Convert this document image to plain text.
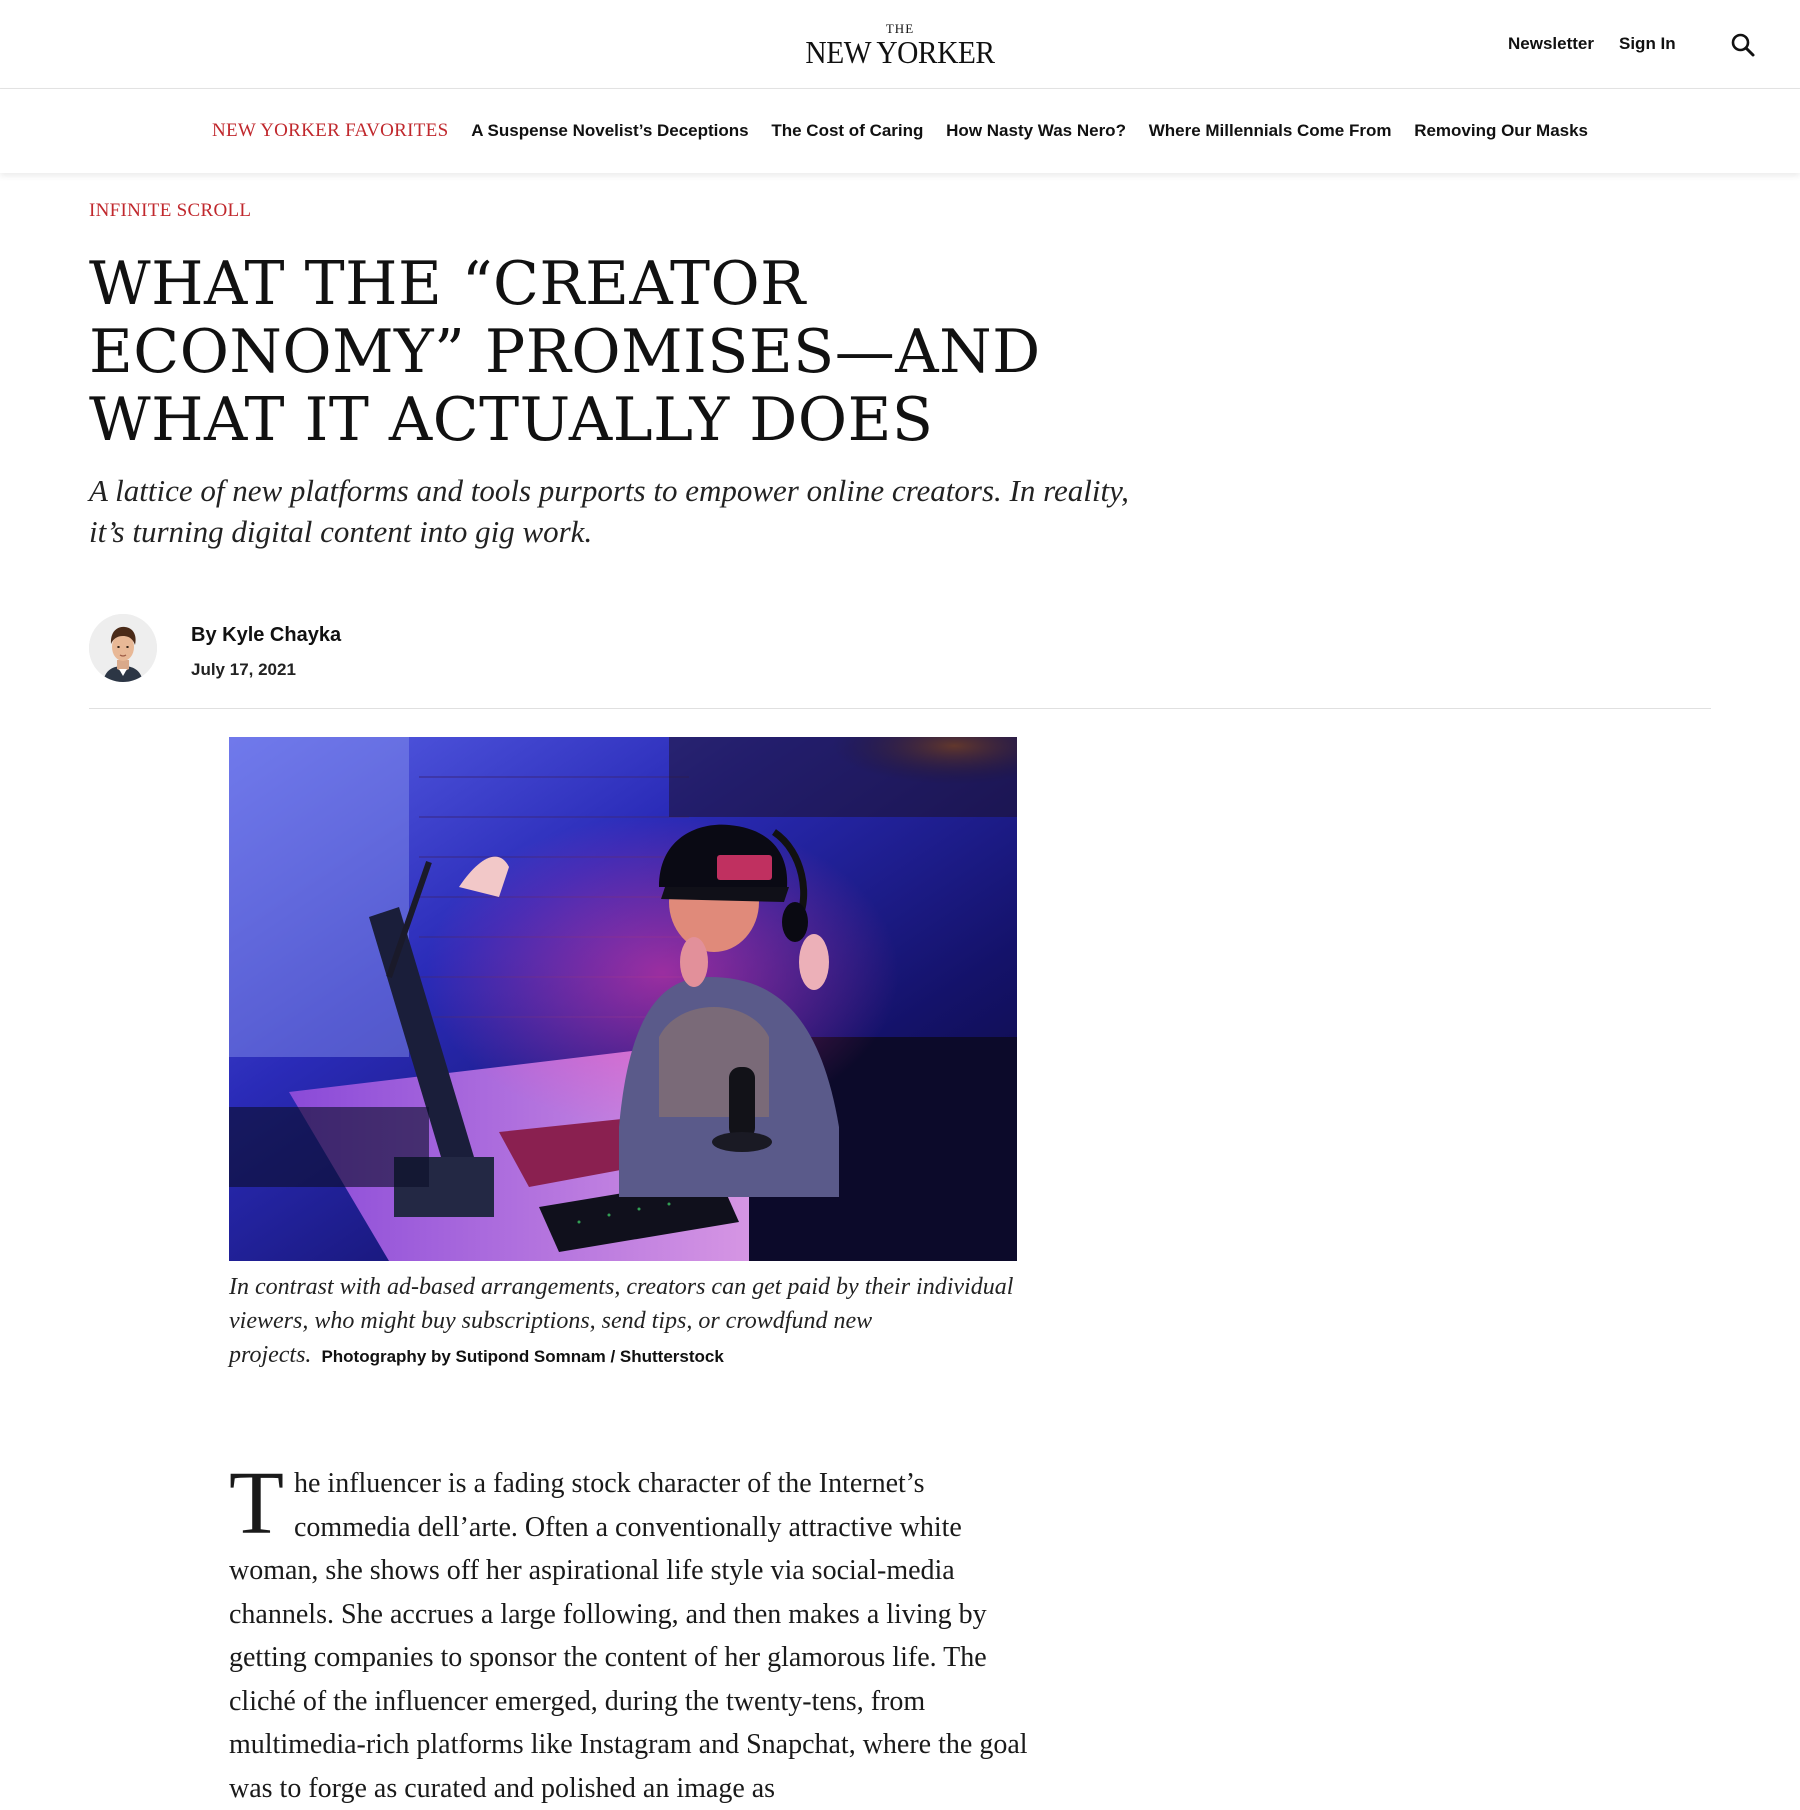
THE
NEW YORKER	Newsletter Sign In
NEW YORKER FAVORITES A Suspense Novelist’s Deceptions The Cost of Caring How Nasty Was Nero? Where Millennials Come From Removing Our Masks
INFINITE SCROLL
WHAT THE “CREATOR ECONOMY” PROMISES—AND WHAT IT ACTUALLY DOES

A lattice of new platforms and tools purports to empower online creators. In reality, it’s turning digital content into gig work.

By Kyle Chayka
July 17, 2021

In contrast with ad-based arrangements, creators can get paid by their individual viewers, who might buy subscriptions, send tips, or crowdfund new projects. Photography by Sutipond Somnam / Shutterstock

The influencer is a fading stock character of the Internet’s commedia dell’arte. Often a conventionally attractive white woman, she shows off her aspirational life style via social-media channels. She accrues a large following, and then makes a living by getting companies to sponsor the content of her glamorous life. The cliché of the influencer emerged, during the twenty-tens, from multimedia-rich platforms like Instagram and Snapchat, where the goal was to forge as curated and polished an image as
